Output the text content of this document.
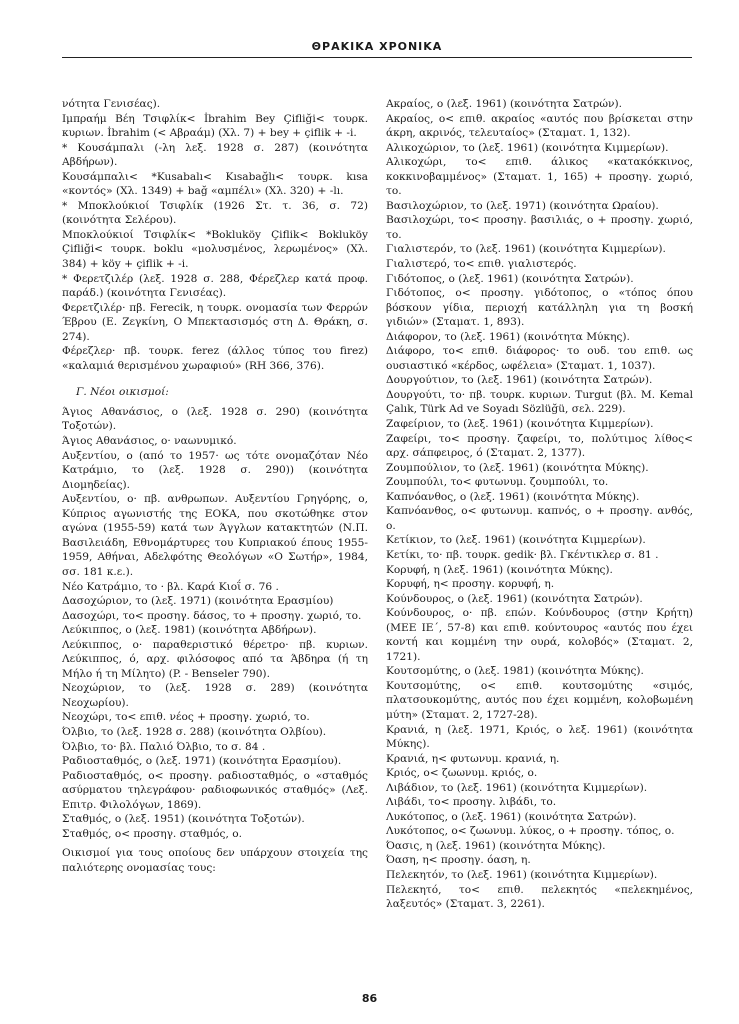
ΘΡΑΚΙΚΑ ΧΡΟΝΙΚΑ

νότητα Γενισέας).

Ιμπραήμ Βέη Τσιφλίκ< İbrahim Bey Çifliği< τουρκ. κυριων. İbrahim (< Αβραάμ) (Χλ. 7) + bey + çiflik + -i.

* Κουσάμπαλι (-λη λεξ. 1928 σ. 287) (κοινότητα Αβδήρων).

Κουσάμπαλι< *Kusabalı< Kısabağlı< τουρκ. kısa «κοντός» (Χλ. 1349) + bağ «αμπέλι» (Χλ. 320) + -lı.

* Μποκλούκιοί Τσιφλίκ (1926 Στ. τ. 36, σ. 72) (κοινότητα Σελέρου).

Μποκλούκιοί Τσιφλίκ< *Bokluköy Çiflik< Bokluköy Çifliği< τουρκ. boklu «μολυσμένος, λερωμένος» (Χλ. 384) + köy + çiflik + -i.

* Φερετζιλέρ (λεξ. 1928 σ. 288, Φέρεζλερ κατά προφ. παράδ.) (κοινότητα Γενισέας).

Φερετζιλέρ· πβ. Ferecik, η τουρκ. ονομασία των Φερρών Έβρου (Ε. Ζεγκίνη, Ο Μπεκτασισμός στη Δ. Θράκη, σ. 274).

Φέρεζλερ· πβ. τουρκ. ferez (άλλος τύπος του firez) «καλαμιά θερισμένου χωραφιού» (RH 366, 376).

Γ. Νέοι οικισμοί:

Άγιος Αθανάσιος, ο (λεξ. 1928 σ. 290) (κοινότητα Τοξοτών).

Άγιος Αθανάσιος, ο· ναωνυμικό.

Αυξεντίου, ο (από το 1957· ως τότε ονομαζόταν Νέο Κατράμιο, το (λεξ. 1928 σ. 290)) (κοινότητα Διομηδείας).

Αυξεντίου, ο· πβ. ανθρωπων. Αυξεντίου Γρηγόρης, ο, Κύπριος αγωνιστής της ΕΟΚΑ, που σκοτώθηκε στον αγώνα (1955-59) κατά των Άγγλων κατακτητών (Ν.Π. Βασιλειάδη, Εθνομάρτυρες του Κυπριακού έπους 1955-1959, Αθήναι, Αδελφότης Θεολόγων «Ο Σωτήρ», 1984, σσ. 181 κ.ε.).

Νέο Κατράμιο, το · βλ. Καρά Κιοΐ σ. 76 .

Δασοχώριον, το (λεξ. 1971) (κοινότητα Ερασμίου)

Δασοχώρι, το< προσηγ. δάσος, το + προσηγ. χωριό, το.

Λεύκιππος, ο (λεξ. 1981) (κοινότητα Αβδήρων).

Λεύκιππος, ο· παραθεριστικό θέρετρο· πβ. κυριων. Λεύκιππος, ό, αρχ. φιλόσοφος από τα Άβδηρα (ή τη Μήλο ή τη Μίλητο) (P. - Benseler 790).

Νεοχώριον, το (λεξ. 1928 σ. 289) (κοινότητα Νεοχωρίου).

Νεοχώρι, το< επιθ. νέος + προσηγ. χωριό, το.

Όλβιο, το (λεξ. 1928 σ. 288) (κοινότητα Ολβίου).

Όλβιο, το· βλ. Παλιό Όλβιο, το σ. 84 .

Ραδιοσταθμός, ο (λεξ. 1971) (κοινότητα Ερασμίου).

Ραδιοσταθμός, ο< προσηγ. ραδιοσταθμός, ο «σταθμός ασύρματου τηλεγράφου· ραδιοφωνικός σταθμός» (Λεξ. Επιτρ. Φιλολόγων, 1869).

Σταθμός, ο (λεξ. 1951) (κοινότητα Τοξοτών).

Σταθμός, ο< προσηγ. σταθμός, ο.

Οικισμοί για τους οποίους δεν υπάρχουν στοιχεία της παλιότερης ονομασίας τους:

Ακραίος, ο (λεξ. 1961) (κοινότητα Σατρών).

Ακραίος, ο< επιθ. ακραίος «αυτός που βρίσκεται στην άκρη, ακρινός, τελευταίος» (Σταματ. 1, 132).

Αλικοχώριον, το (λεξ. 1961) (κοινότητα Κιμμερίων).

Αλικοχώρι, το< επιθ. άλικος «κατακόκκινος, κοκκινοβαμμένος» (Σταματ. 1, 165) + προσηγ. χωριό, το.

Βασιλοχώριον, το (λεξ. 1971) (κοινότητα Ωραίου).

Βασιλοχώρι, το< προσηγ. βασιλιάς, ο + προσηγ. χωριό, το.

Γιαλιστερόν, το (λεξ. 1961) (κοινότητα Κιμμερίων).

Γιαλιστερό, το< επιθ. γιαλιστερός.

Γιδότοπος, ο (λεξ. 1961) (κοινότητα Σατρών).

Γιδότοπος, ο< προσηγ. γιδότοπος, ο «τόπος όπου βόσκουν γίδια, περιοχή κατάλληλη για τη βοσκή γιδιών» (Σταματ. 1, 893).

Διάφορον, το (λεξ. 1961) (κοινότητα Μύκης).

Διάφορο, το< επιθ. διάφορος· το ουδ. του επιθ. ως ουσιαστικό «κέρδος, ωφέλεια» (Σταματ. 1, 1037).

Δουργούτιον, το (λεξ. 1961) (κοινότητα Σατρών).

Δουργούτι, το· πβ. τουρκ. κυριων. Turgut (βλ. M. Kemal Çalık, Türk Ad ve Soyadı Sözlüğü, σελ. 229).

Ζαφείριον, το (λεξ. 1961) (κοινότητα Κιμμερίων).

Ζαφείρι, το< προσηγ. ζαφείρι, το, πολύτιμος λίθος< αρχ. σάπφειρος, ό (Σταματ. 2, 1377).

Ζουμπούλιον, το (λεξ. 1961) (κοινότητα Μύκης).

Ζουμπούλι, το< φυτωνυμ. ζουμπούλι, το.

Καπνόανθος, ο (λεξ. 1961) (κοινότητα Μύκης).

Καπνόανθος, ο< φυτωνυμ. καπνός, ο + προσηγ. ανθός, ο.

Κετίκιον, το (λεξ. 1961) (κοινότητα Κιμμερίων).

Κετίκι, το· πβ. τουρκ. gedik· βλ. Γκέντικλερ σ. 81 .

Κορυφή, η (λεξ. 1961) (κοινότητα Μύκης).

Κορυφή, η< προσηγ. κορυφή, η.

Κούνδουρος, ο (λεξ. 1961) (κοινότητα Σατρών).

Κούνδουρος, ο· πβ. επών. Κούνδουρος (στην Κρήτη) (ΜΕΕ ΙΕ΄, 57-8) και επιθ. κούντουρος «αυτός που έχει κοντή και κομμένη την ουρά, κολοβός» (Σταματ. 2, 1721).

Κουτσομύτης, ο (λεξ. 1981) (κοινότητα Μύκης).

Κουτσομύτης, ο< επιθ. κουτσομύτης «σιμός, πλατσουκομύτης, αυτός που έχει κομμένη, κολοβωμένη μύτη» (Σταματ. 2, 1727-28).

Κρανιά, η (λεξ. 1971, Κριός, ο λεξ. 1961) (κοινότητα Μύκης).

Κρανιά, η< φυτωνυμ. κρανιά, η.

Κριός, ο< ζωωνυμ. κριός, ο.

Λιβάδιον, το (λεξ. 1961) (κοινότητα Κιμμερίων).

Λιβάδι, το< προσηγ. λιβάδι, το.

Λυκότοπος, ο (λεξ. 1961) (κοινότητα Σατρών).

Λυκότοπος, ο< ζωωνυμ. λύκος, ο + προσηγ. τόπος, ο.

Όασις, η (λεξ. 1961) (κοινότητα Μύκης).

Όαση, η< προσηγ. όαση, η.

Πελεκητόν, το (λεξ. 1961) (κοινότητα Κιμμερίων).

Πελεκητό, το< επιθ. πελεκητός «πελεκημένος, λαξευτός» (Σταματ. 3, 2261).

86
